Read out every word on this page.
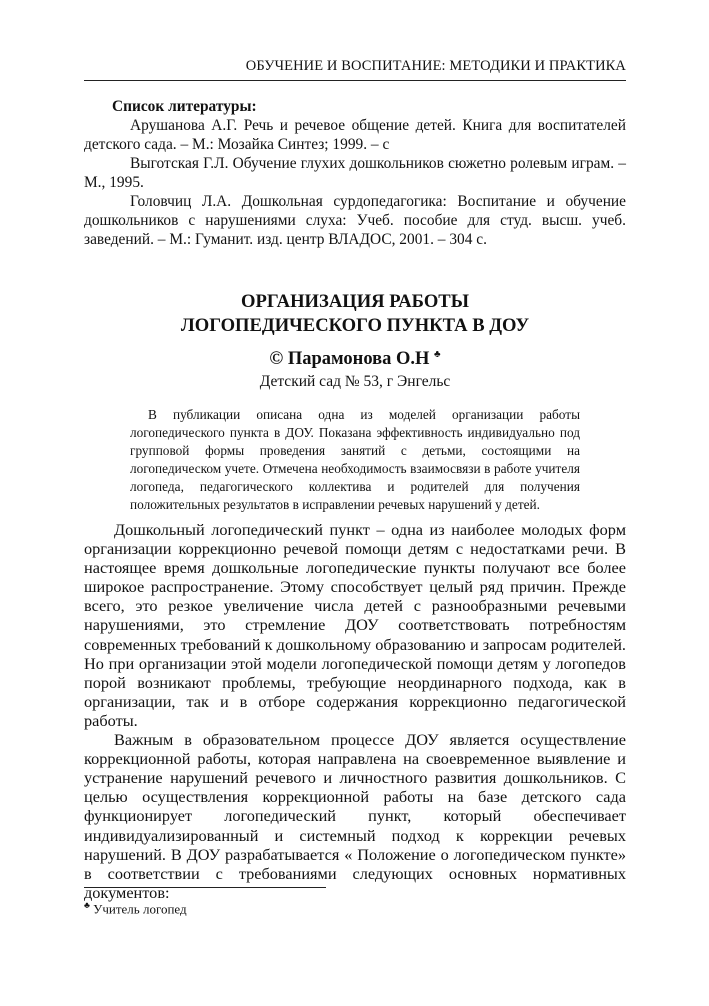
ОБУЧЕНИЕ И ВОСПИТАНИЕ: МЕТОДИКИ И ПРАКТИКА
Список литературы:

Арушанова А.Г. Речь и речевое общение детей. Книга для воспитателей детского сада. – М.: Мозайка Синтез; 1999. – с

Выготская Г.Л. Обучение глухих дошкольников сюжетно ролевым играм. – М., 1995.

Головчиц Л.А. Дошкольная сурдопедагогика: Воспитание и обучение дошкольников с нарушениями слуха: Учеб. пособие для студ. высш. учеб. заведений. – М.: Гуманит. изд. центр ВЛАДОС, 2001. – 304 с.

ОРГАНИЗАЦИЯ РАБОТЫ
ЛОГОПЕДИЧЕСКОГО ПУНКТА В ДОУ
© Парамонова О.Н ♣
Детский сад № 53, г Энгельс

В публикации описана одна из моделей организации работы логопедического пункта в ДОУ. Показана эффективность индивидуально под групповой формы проведения занятий с детьми, состоящими на логопедическом учете. Отмечена необходимость взаимосвязи в работе учителя логопеда, педагогического коллектива и родителей для получения положительных результатов в исправлении речевых нарушений у детей.

Дошкольный логопедический пункт – одна из наиболее молодых форм организации коррекционно речевой помощи детям с недостатками речи. В настоящее время дошкольные логопедические пункты получают все более широкое распространение. Этому способствует целый ряд причин. Прежде всего, это резкое увеличение числа детей с разнообразными речевыми нарушениями, это стремление ДОУ соответствовать потребностям современных требований к дошкольному образованию и запросам родителей. Но при организации этой модели логопедической помощи детям у логопедов порой возникают проблемы, требующие неординарного подхода, как в организации, так и в отборе содержания коррекционно педагогической работы.

Важным в образовательном процессе ДОУ является осуществление коррекционной работы, которая направлена на своевременное выявление и устранение нарушений речевого и личностного развития дошкольников. С целью осуществления коррекционной работы на базе детского сада функционирует логопедический пункт, который обеспечивает индивидуализированный и системный подход к коррекции речевых нарушений. В ДОУ разрабатывается « Положение о логопедическом пункте» в соответствии с требованиями следующих основных нормативных документов:

♣ Учитель логопед
